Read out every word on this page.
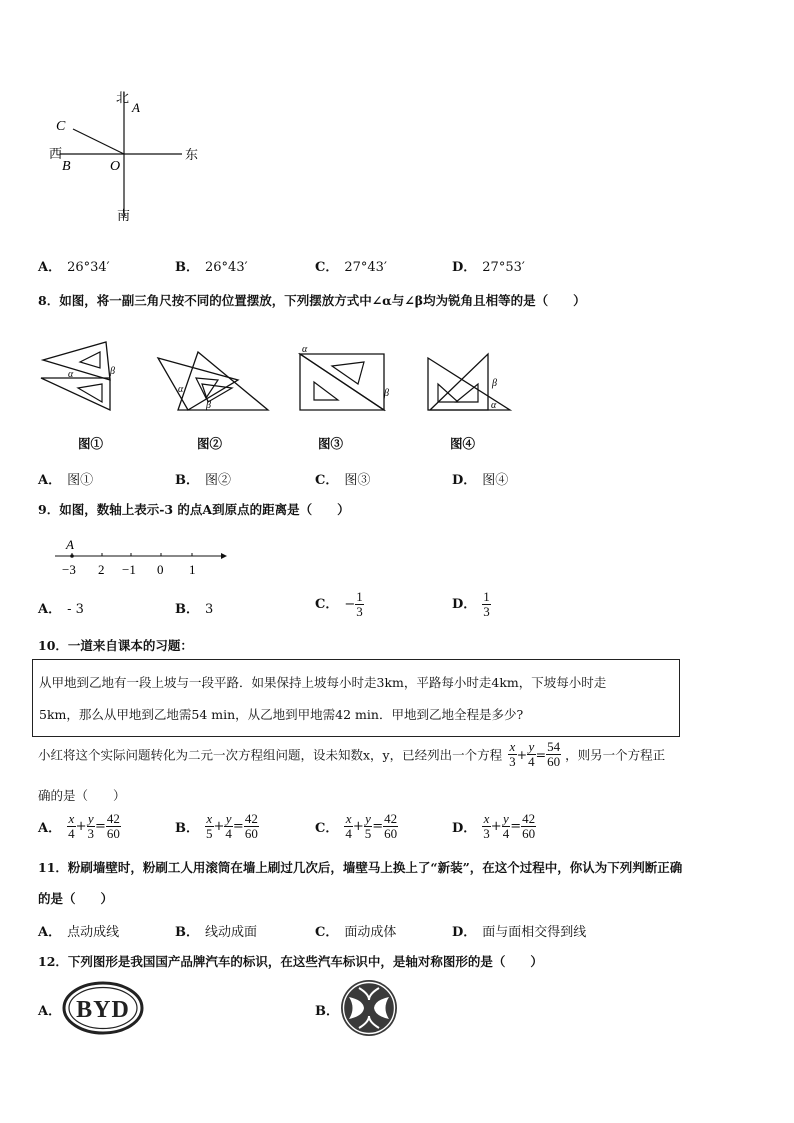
北
A
C
西
B	O
东
南
A． 26°34′	B． 26°43′	C． 27°43′	D． 27°53′
8．如图，将一副三角尺按不同的位置摆放，下列摆放方式中∠α与∠β均为锐角且相等的是（　　）
α	β
α
β
α
β
β
α
图①	图②	图③	图④
A． 图①	B． 图②	C． 图③	D． 图④
9．如图，数轴上表示-3 的点A到原点的距离是（　　）
A
−3 2 −1 0 1
A． - 3	B． 3	C． − $\frac{1}{3}$	D． $\frac{1}{3}$
10．一道来自课本的习题：
从甲地到乙地有一段上坡与一段平路．如果保持上坡每小时走3km，平路每小时走4km，下坡每小时走
5km，那么从甲地到乙地需54 min，从乙地到甲地需42 min．甲地到乙地全程是多少?
小红将这个实际问题转化为二元一次方程组问题，设未知数x，y，已经列出一个方程 $\frac{x}{3} + \frac{y}{4} = \frac{54}{60}$ ，则另一个方程正
确的是（　　）
A． $\frac{x}{4} + \frac{y}{3} = \frac{42}{60}$	B． $\frac{x}{5} + \frac{y}{4} = \frac{42}{60}$	C． $\frac{x}{4} + \frac{y}{5} = \frac{42}{60}$	D． $\frac{x}{3} + \frac{y}{4} = \frac{42}{60}$
11．粉刷墙壁时，粉刷工人用滚筒在墙上刷过几次后，墙壁马上换上了“新装”，在这个过程中，你认为下列判断正确
的是（　　）
A． 点动成线	B． 线动成面	C． 面动成体	D． 面与面相交得到线
12．下列图形是我国国产品牌汽车的标识，在这些汽车标识中，是轴对称图形的是（　　）
A． BYD	B．
